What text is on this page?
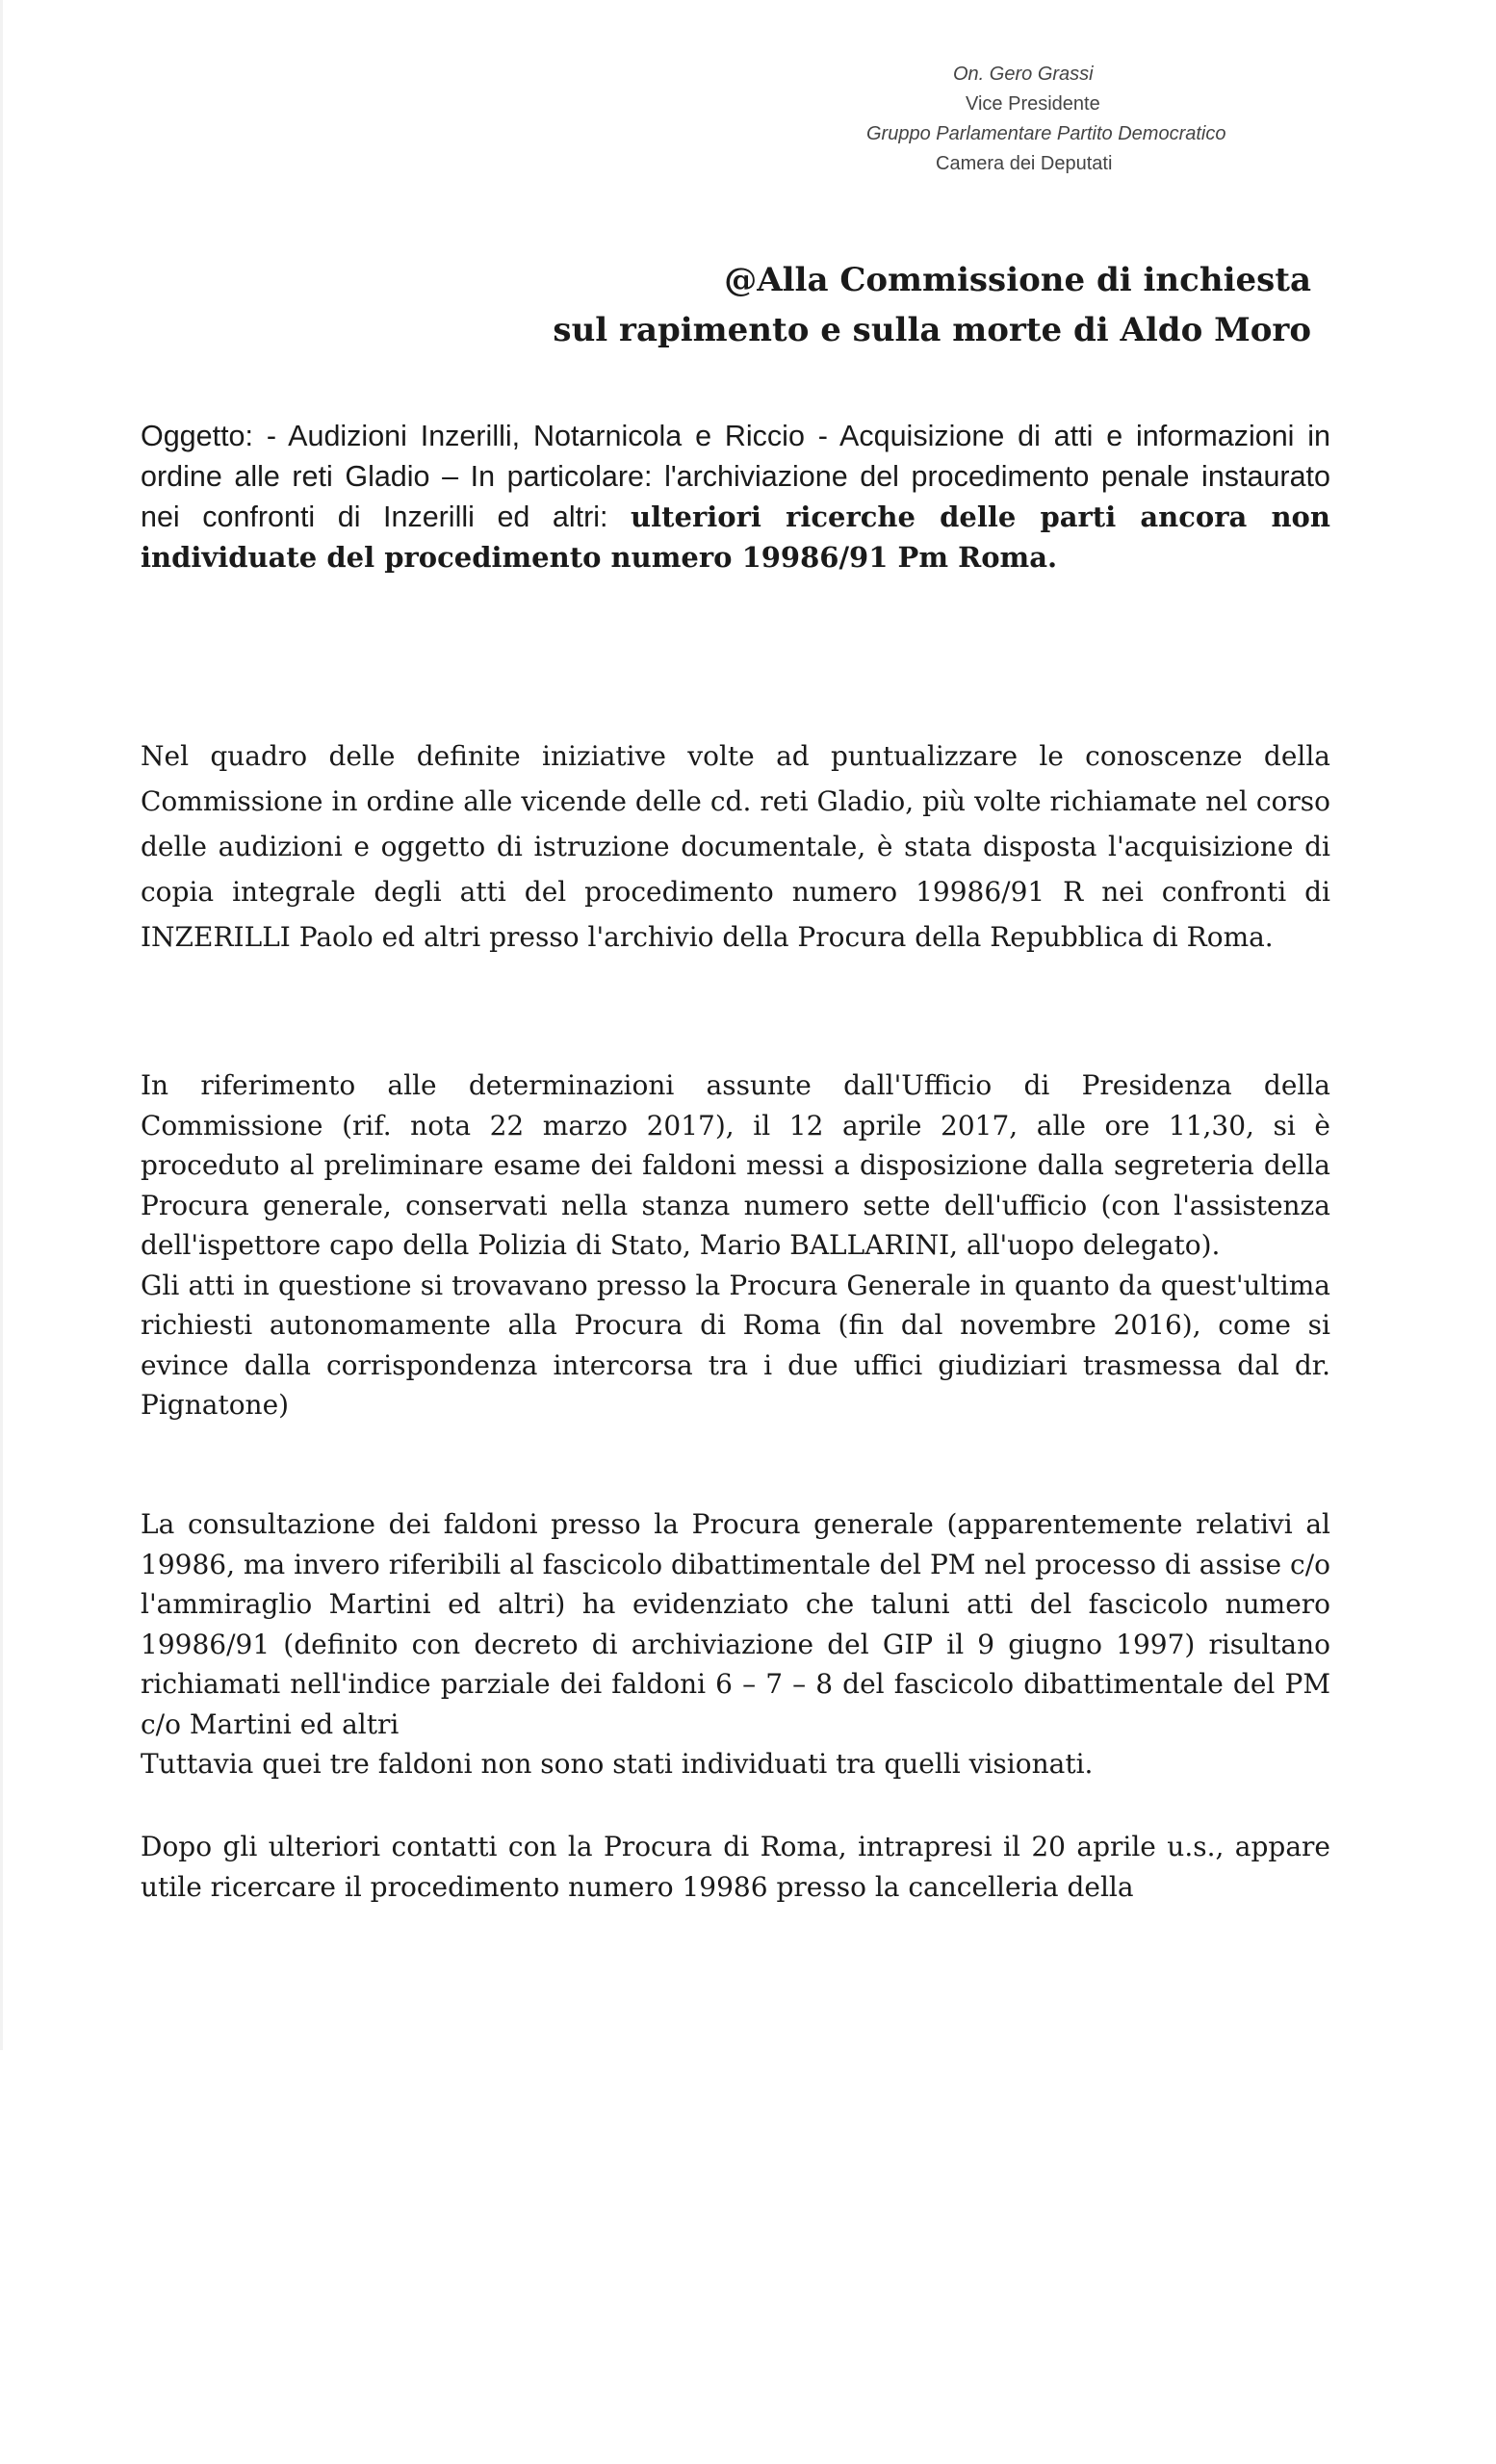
On. Gero Grassi
Vice Presidente
Gruppo Parlamentare Partito Democratico
Camera dei Deputati
@Alla Commissione di inchiesta
sul rapimento e sulla morte di Aldo Moro

Oggetto: - Audizioni Inzerilli, Notarnicola e Riccio - Acquisizione di atti e informazioni in ordine alle reti Gladio – In particolare: l'archiviazione del procedimento penale instaurato nei confronti di Inzerilli ed altri: ulteriori ricerche delle parti ancora non individuate del procedimento numero 19986/91 Pm Roma.

Nel quadro delle definite iniziative volte ad puntualizzare le conoscenze della Commissione in ordine alle vicende delle cd. reti Gladio, più volte richiamate nel corso delle audizioni e oggetto di istruzione documentale, è stata disposta l'acquisizione di copia integrale degli atti del procedimento numero 19986/91 R nei confronti di INZERILLI Paolo ed altri presso l'archivio della Procura della Repubblica di Roma.

In riferimento alle determinazioni assunte dall'Ufficio di Presidenza della Commissione (rif. nota 22 marzo 2017), il 12 aprile 2017, alle ore 11,30, si è proceduto al preliminare esame dei faldoni messi a disposizione dalla segreteria della Procura generale, conservati nella stanza numero sette dell'ufficio (con l'assistenza dell'ispettore capo della Polizia di Stato, Mario BALLARINI, all'uopo delegato).

Gli atti in questione si trovavano presso la Procura Generale in quanto da quest'ultima richiesti autonomamente alla Procura di Roma (fin dal novembre 2016), come si evince dalla corrispondenza intercorsa tra i due uffici giudiziari trasmessa dal dr. Pignatone)

La consultazione dei faldoni presso la Procura generale (apparentemente relativi al 19986, ma invero riferibili al fascicolo dibattimentale del PM nel processo di assise c/o l'ammiraglio Martini ed altri) ha evidenziato che taluni atti del fascicolo numero 19986/91 (definito con decreto di archiviazione del GIP il 9 giugno 1997) risultano richiamati nell'indice parziale dei faldoni 6 – 7 – 8 del fascicolo dibattimentale del PM c/o Martini ed altri

Tuttavia quei tre faldoni non sono stati individuati tra quelli visionati.

Dopo gli ulteriori contatti con la Procura di Roma, intrapresi il 20 aprile u.s., appare utile ricercare il procedimento numero 19986 presso la cancelleria della
